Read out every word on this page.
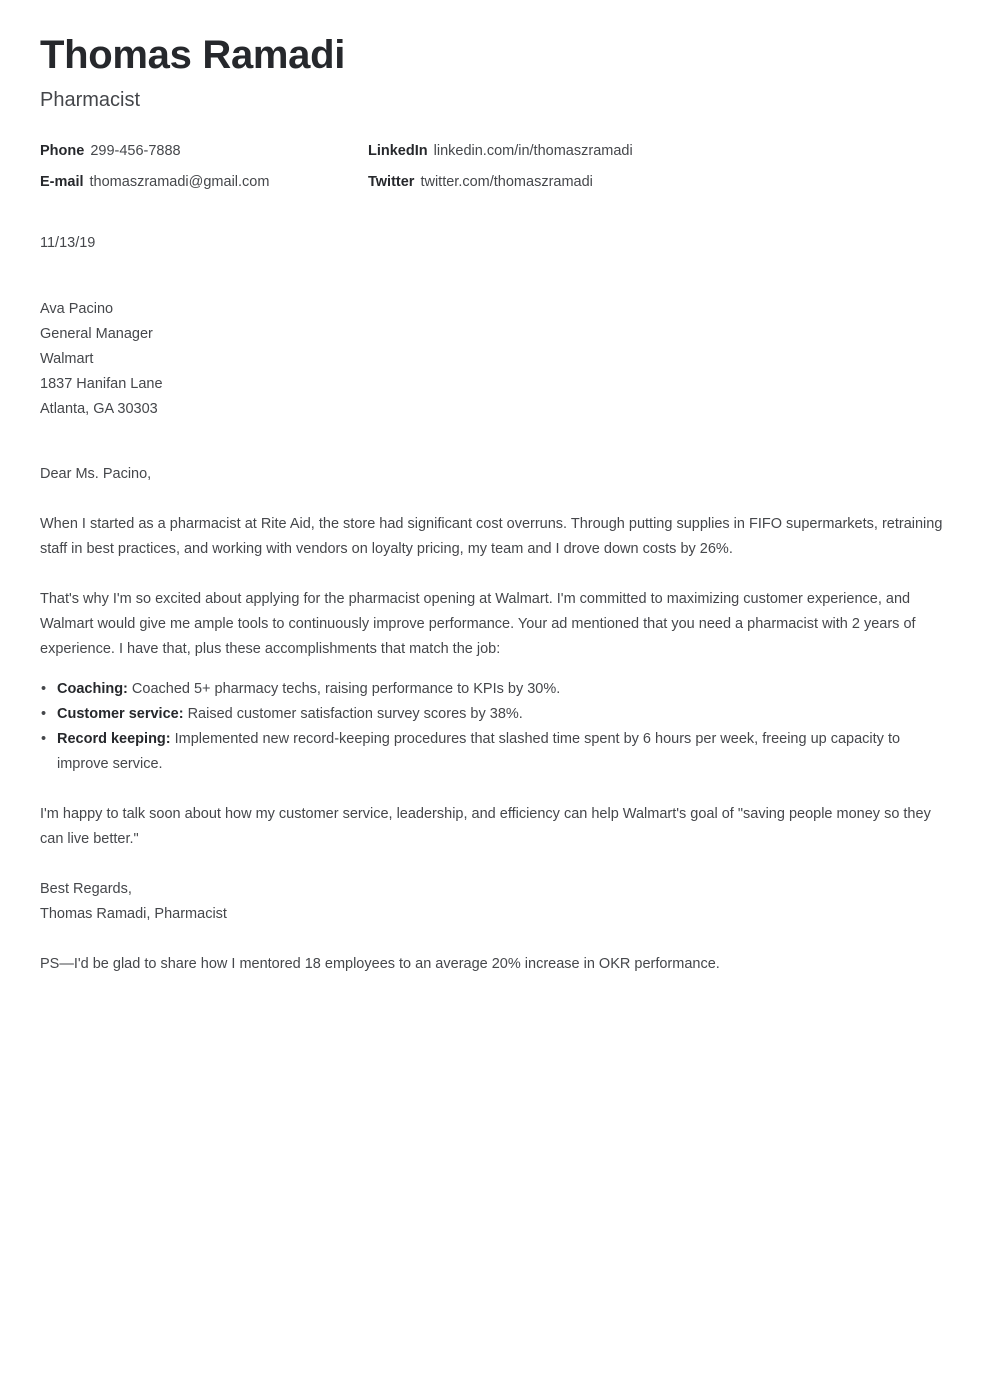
Thomas Ramadi
Pharmacist
Phone 299-456-7888	LinkedIn linkedin.com/in/thomaszramadi
E-mail thomaszramadi@gmail.com	Twitter twitter.com/thomaszramadi
11/13/19
Ava Pacino
General Manager
Walmart
1837 Hanifan Lane
Atlanta, GA 30303
Dear Ms. Pacino,

When I started as a pharmacist at Rite Aid, the store had significant cost overruns. Through putting supplies in FIFO supermarkets, retraining staff in best practices, and working with vendors on loyalty pricing, my team and I drove down costs by 26%.

That's why I'm so excited about applying for the pharmacist opening at Walmart. I'm committed to maximizing customer experience, and Walmart would give me ample tools to continuously improve performance. Your ad mentioned that you need a pharmacist with 2 years of experience. I have that, plus these accomplishments that match the job:

• Coaching: Coached 5+ pharmacy techs, raising performance to KPIs by 30%.
• Customer service: Raised customer satisfaction survey scores by 38%.
• Record keeping: Implemented new record-keeping procedures that slashed time spent by 6 hours per week, freeing up capacity to improve service.

I'm happy to talk soon about how my customer service, leadership, and efficiency can help Walmart's goal of "saving people money so they can live better."

Best Regards,
Thomas Ramadi, Pharmacist
PS—I'd be glad to share how I mentored 18 employees to an average 20% increase in OKR performance.
